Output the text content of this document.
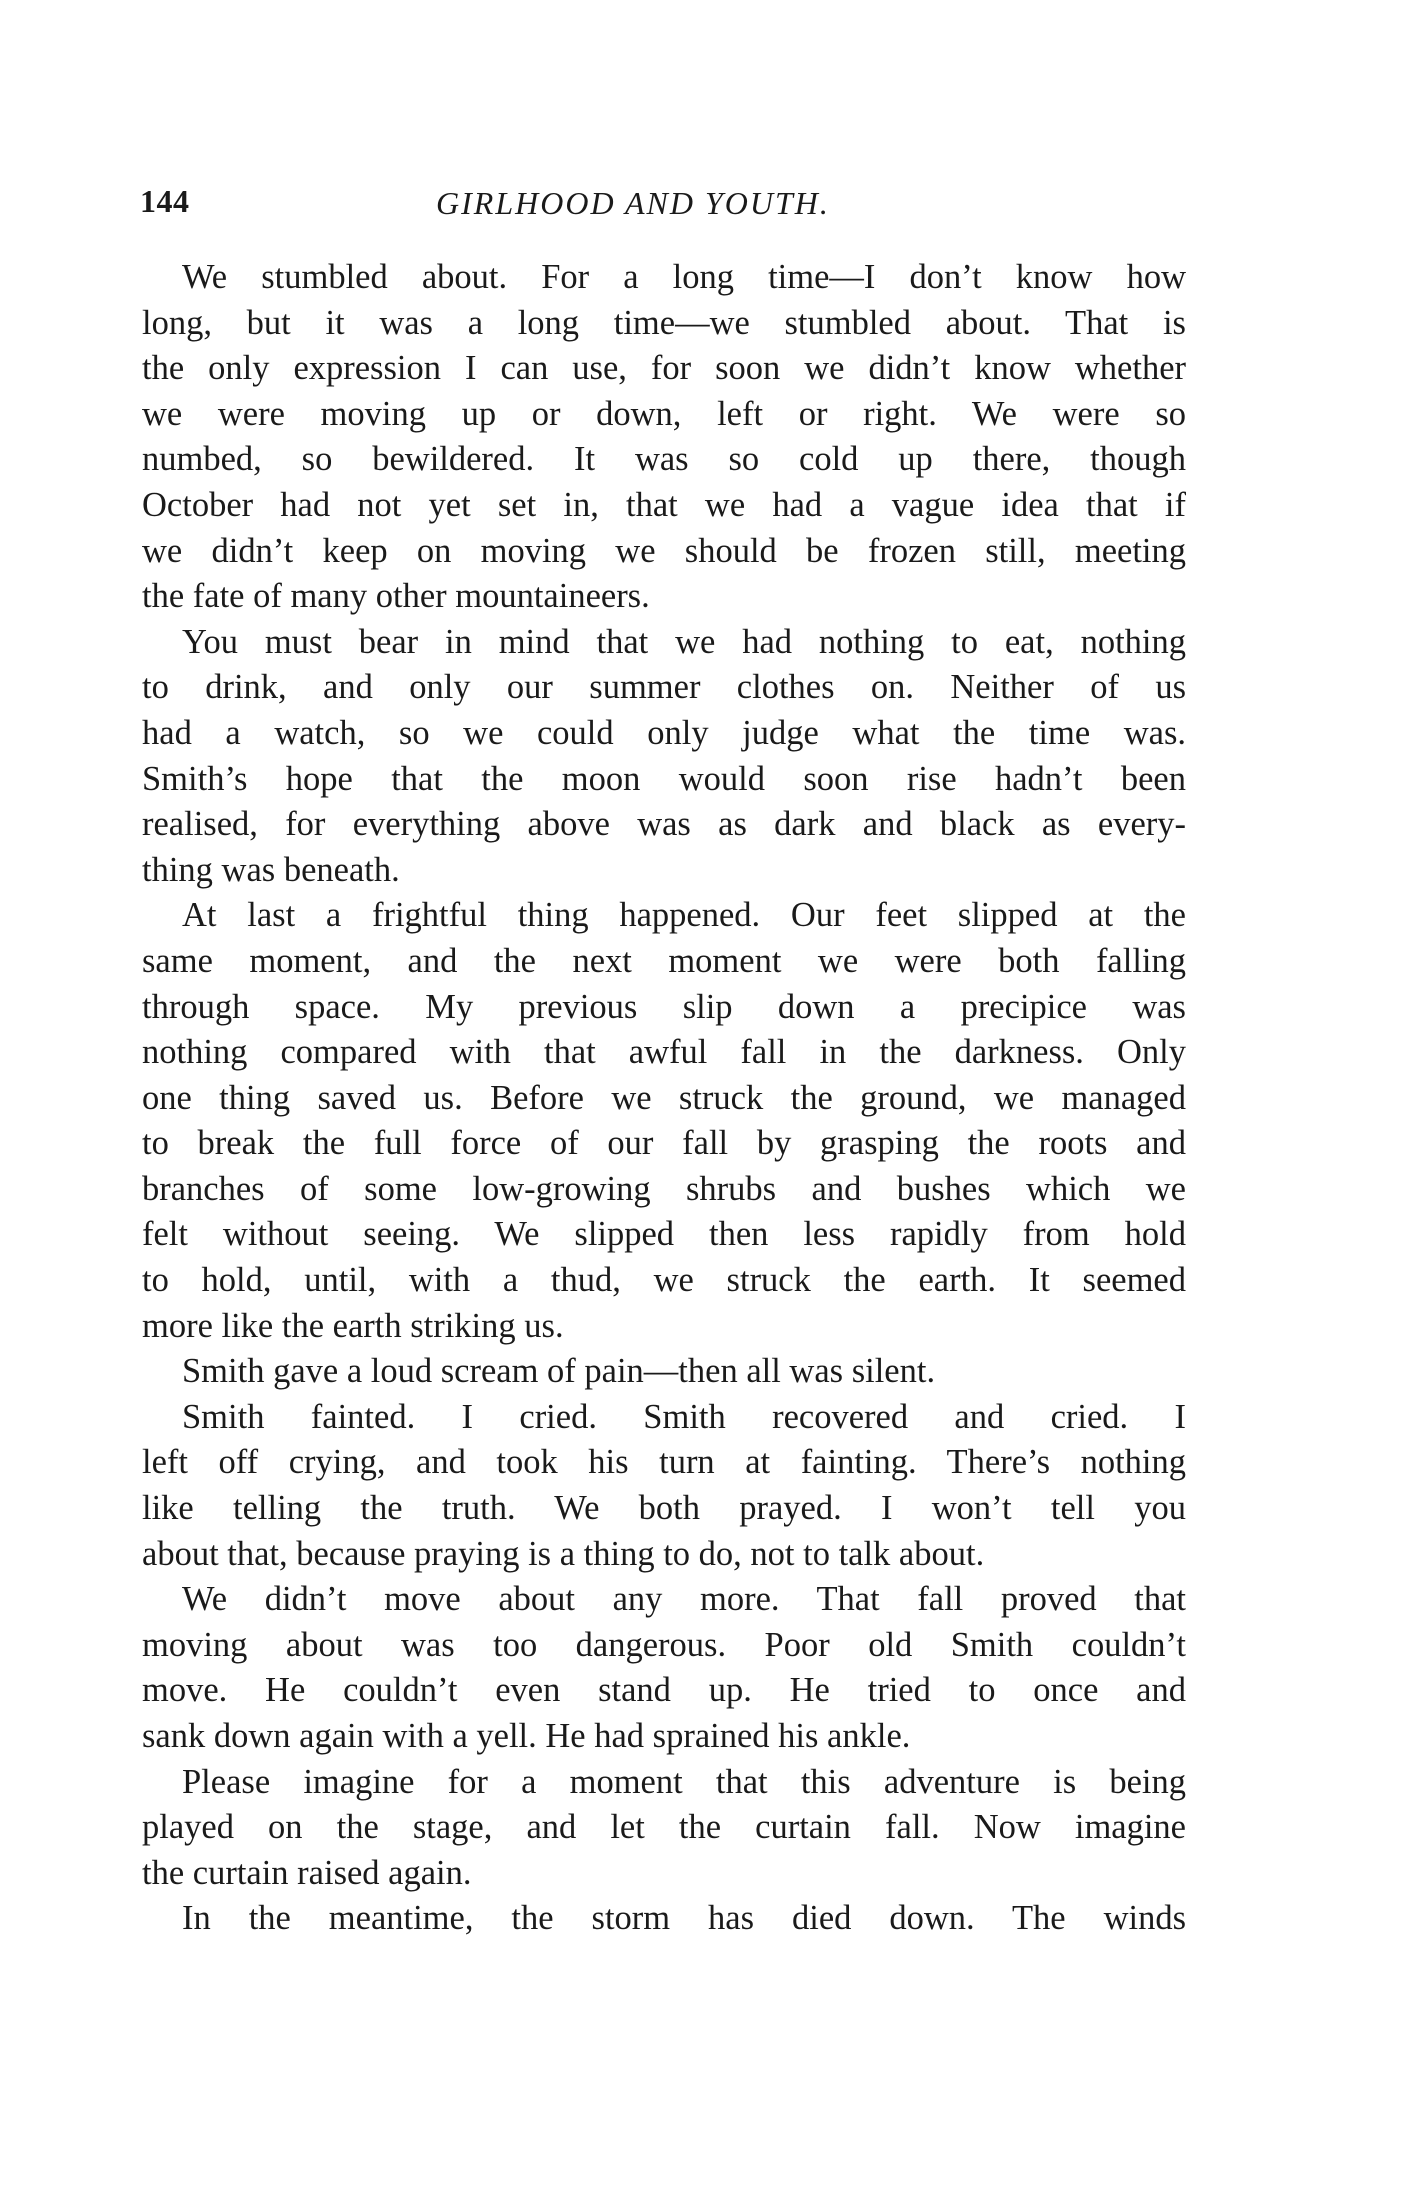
144	GIRLHOOD AND YOUTH.

We stumbled about. For a long time—I don’t know how
long, but it was a long time—we stumbled about. That is
the only expression I can use, for soon we didn’t know whether
we were moving up or down, left or right. We were so
numbed, so bewildered. It was so cold up there, though
October had not yet set in, that we had a vague idea that if
we didn’t keep on moving we should be frozen still, meeting
the fate of many other mountaineers.

You must bear in mind that we had nothing to eat, nothing
to drink, and only our summer clothes on. Neither of us
had a watch, so we could only judge what the time was.
Smith’s hope that the moon would soon rise hadn’t been
realised, for everything above was as dark and black as every-
thing was beneath.

At last a frightful thing happened. Our feet slipped at the
same moment, and the next moment we were both falling
through space. My previous slip down a precipice was
nothing compared with that awful fall in the darkness. Only
one thing saved us. Before we struck the ground, we managed
to break the full force of our fall by grasping the roots and
branches of some low-growing shrubs and bushes which we
felt without seeing. We slipped then less rapidly from hold
to hold, until, with a thud, we struck the earth. It seemed
more like the earth striking us.

Smith gave a loud scream of pain—then all was silent.

Smith fainted. I cried. Smith recovered and cried. I
left off crying, and took his turn at fainting. There’s nothing
like telling the truth. We both prayed. I won’t tell you
about that, because praying is a thing to do, not to talk about.

We didn’t move about any more. That fall proved that
moving about was too dangerous. Poor old Smith couldn’t
move. He couldn’t even stand up. He tried to once and
sank down again with a yell. He had sprained his ankle.

Please imagine for a moment that this adventure is being
played on the stage, and let the curtain fall. Now imagine
the curtain raised again.

In the meantime, the storm has died down. The winds
